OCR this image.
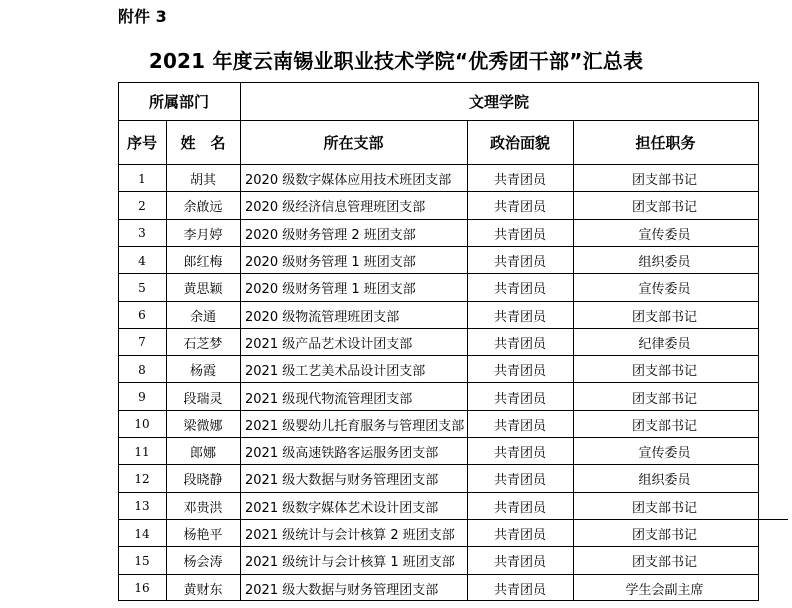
附件 3
2021 年度云南锡业职业技术学院“优秀团干部”汇总表
所属部门	文理学院
序号	姓　名	所在支部	政治面貌	担任职务
1	胡其	2020 级数字媒体应用技术班团支部	共青团员	团支部书记
2	余啟远	2020 级经济信息管理班团支部	共青团员	团支部书记
3	李月婷	2020 级财务管理 2 班团支部	共青团员	宣传委员
4	郎红梅	2020 级财务管理 1 班团支部	共青团员	组织委员
5	黄思颖	2020 级财务管理 1 班团支部	共青团员	宣传委员
6	余通	2020 级物流管理班团支部	共青团员	团支部书记
7	石芝梦	2021 级产品艺术设计团支部	共青团员	纪律委员
8	杨霞	2021 级工艺美术品设计团支部	共青团员	团支部书记
9	段瑞灵	2021 级现代物流管理团支部	共青团员	团支部书记
10	梁微娜	2021 级婴幼儿托育服务与管理团支部	共青团员	团支部书记
11	郎娜	2021 级高速铁路客运服务团支部	共青团员	宣传委员
12	段晓静	2021 级大数据与财务管理团支部	共青团员	组织委员
13	邓贵洪	2021 级数字媒体艺术设计团支部	共青团员	团支部书记
14	杨艳平	2021 级统计与会计核算 2 班团支部	共青团员	团支部书记
15	杨会涛	2021 级统计与会计核算 1 班团支部	共青团员	团支部书记
16	黄财东	2021 级大数据与财务管理团支部	共青团员	学生会副主席
